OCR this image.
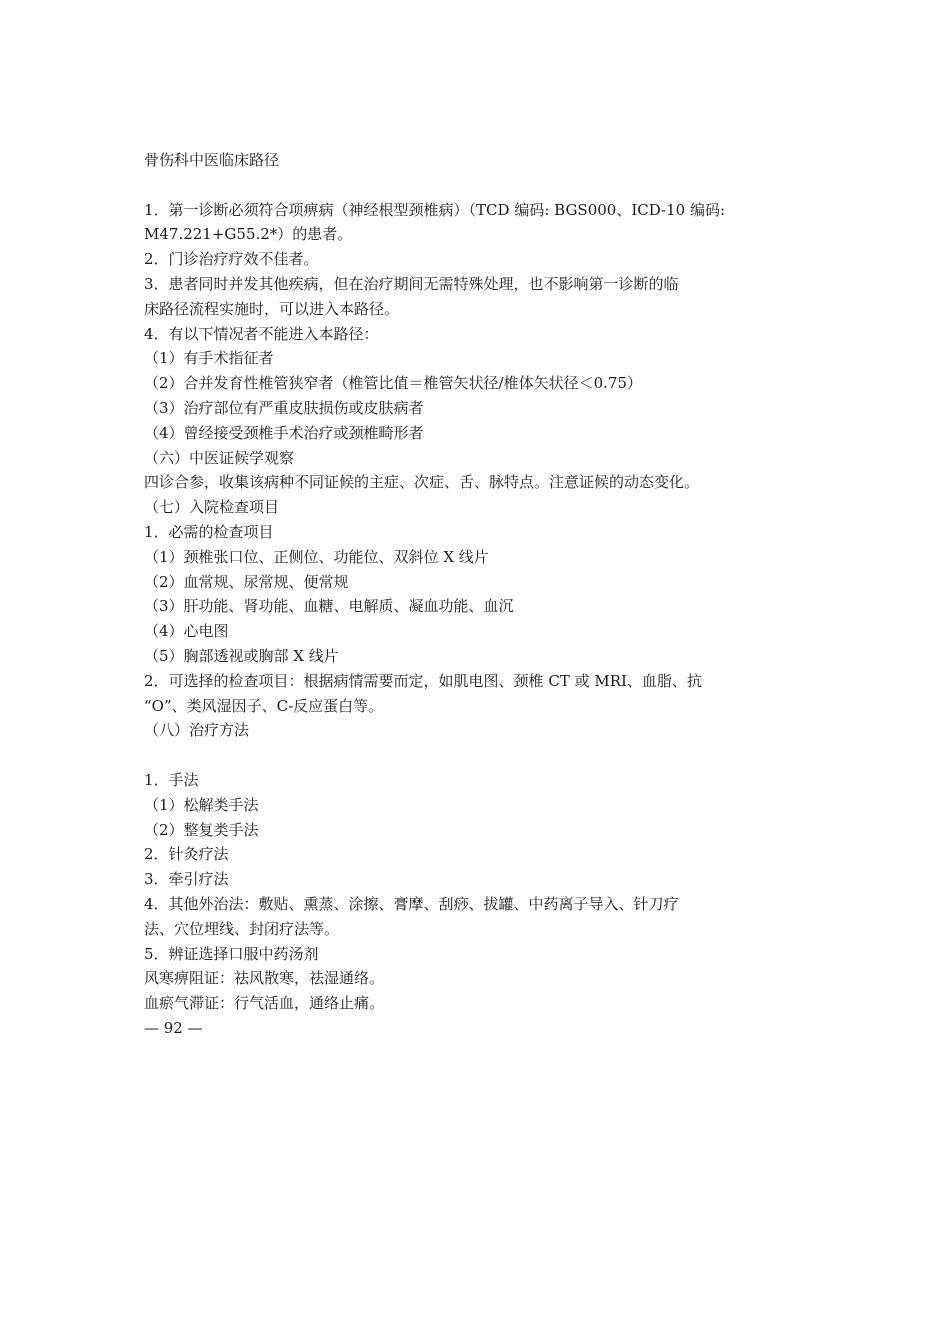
骨伤科中医临床路径
1．第一诊断必须符合项痹病（神经根型颈椎病）（TCD 编码: BGS000、ICD-10 编码:
M47.221+G55.2*）的患者。
2．门诊治疗疗效不佳者。
3．患者同时并发其他疾病，但在治疗期间无需特殊处理，也不影响第一诊断的临
床路径流程实施时，可以进入本路径。
4．有以下情况者不能进入本路径：
（1）有手术指征者
（2）合并发育性椎管狭窄者（椎管比值＝椎管矢状径/椎体矢状径＜0.75）
（3）治疗部位有严重皮肤损伤或皮肤病者
（4）曾经接受颈椎手术治疗或颈椎畸形者
（六）中医证候学观察
四诊合参，收集该病种不同证候的主症、次症、舌、脉特点。注意证候的动态变化。
（七）入院检查项目
1．必需的检查项目
（1）颈椎张口位、正侧位、功能位、双斜位 X 线片
（2）血常规、尿常规、便常规
（3）肝功能、肾功能、血糖、电解质、凝血功能、血沉
（4）心电图
（5）胸部透视或胸部 X 线片
2．可选择的检查项目：根据病情需要而定，如肌电图、颈椎 CT 或 MRI、血脂、抗
“O”、类风湿因子、C-反应蛋白等。
（八）治疗方法
1．手法
（1）松解类手法
（2）整复类手法
2．针灸疗法
3．牵引疗法
4．其他外治法：敷贴、熏蒸、涂擦、膏摩、刮痧、拔罐、中药离子导入、针刀疗
法、穴位埋线、封闭疗法等。
5．辨证选择口服中药汤剂
风寒痹阻证：祛风散寒，祛湿通络。
血瘀气滞证：行气活血，通络止痛。
— 92 —
